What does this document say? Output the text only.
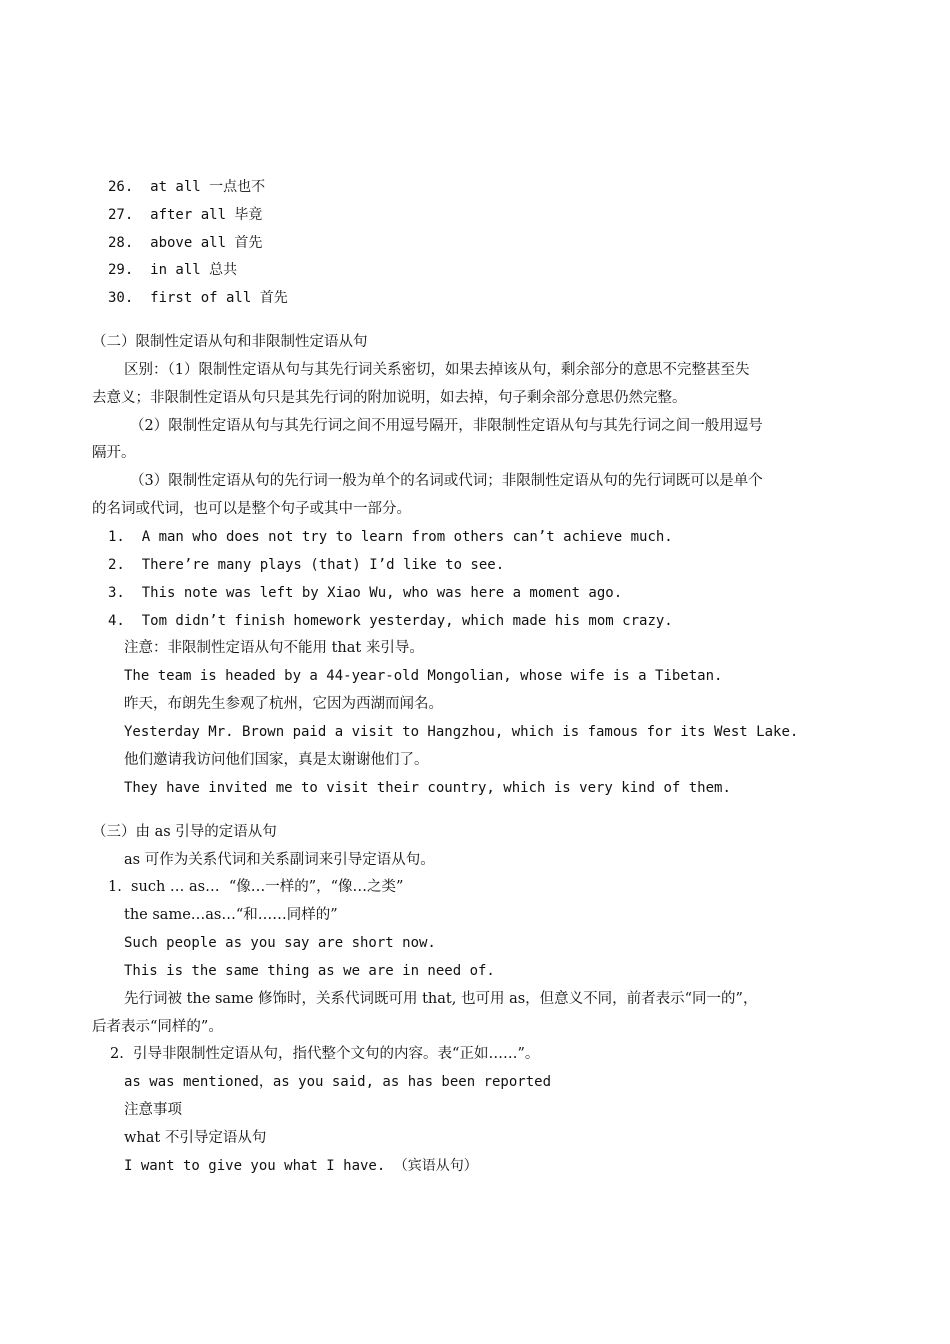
26.  at all 一点也不
27.  after all 毕竟
28.  above all 首先
29.  in all 总共
30.  first of all 首先
（二）限制性定语从句和非限制性定语从句
区别：（1）限制性定语从句与其先行词关系密切，如果去掉该从句，剩余部分的意思不完整甚至失
去意义；非限制性定语从句只是其先行词的附加说明，如去掉，句子剩余部分意思仍然完整。
（2）限制性定语从句与其先行词之间不用逗号隔开，非限制性定语从句与其先行词之间一般用逗号
隔开。
（3）限制性定语从句的先行词一般为单个的名词或代词；非限制性定语从句的先行词既可以是单个
的名词或代词，也可以是整个句子或其中一部分。
1.  A man who does not try to learn from others can’t achieve much.
2.  There’re many plays (that) I’d like to see.
3.  This note was left by Xiao Wu, who was here a moment ago.
4.  Tom didn’t finish homework yesterday, which made his mom crazy.
注意：非限制性定语从句不能用 that 来引导。
The team is headed by a 44-year-old Mongolian, whose wife is a Tibetan.
昨天，布朗先生参观了杭州，它因为西湖而闻名。
Yesterday Mr. Brown paid a visit to Hangzhou, which is famous for its West Lake.
他们邀请我访问他们国家，真是太谢谢他们了。
They have invited me to visit their country, which is very kind of them.
（三）由 as 引导的定语从句
as 可作为关系代词和关系副词来引导定语从句。
1.  such … as…  “像…一样的”，“像…之类”
the same…as…“和……同样的”
Such people as you say are short now.
This is the same thing as we are in need of.
先行词被 the same 修饰时，关系代词既可用 that, 也可用 as，但意义不同，前者表示“同一的”，
后者表示“同样的”。
2.  引导非限制性定语从句，指代整个文句的内容。表“正如……”。
as was mentioned，as you said, as has been reported
注意事项
what 不引导定语从句
I want to give you what I have. （宾语从句）
